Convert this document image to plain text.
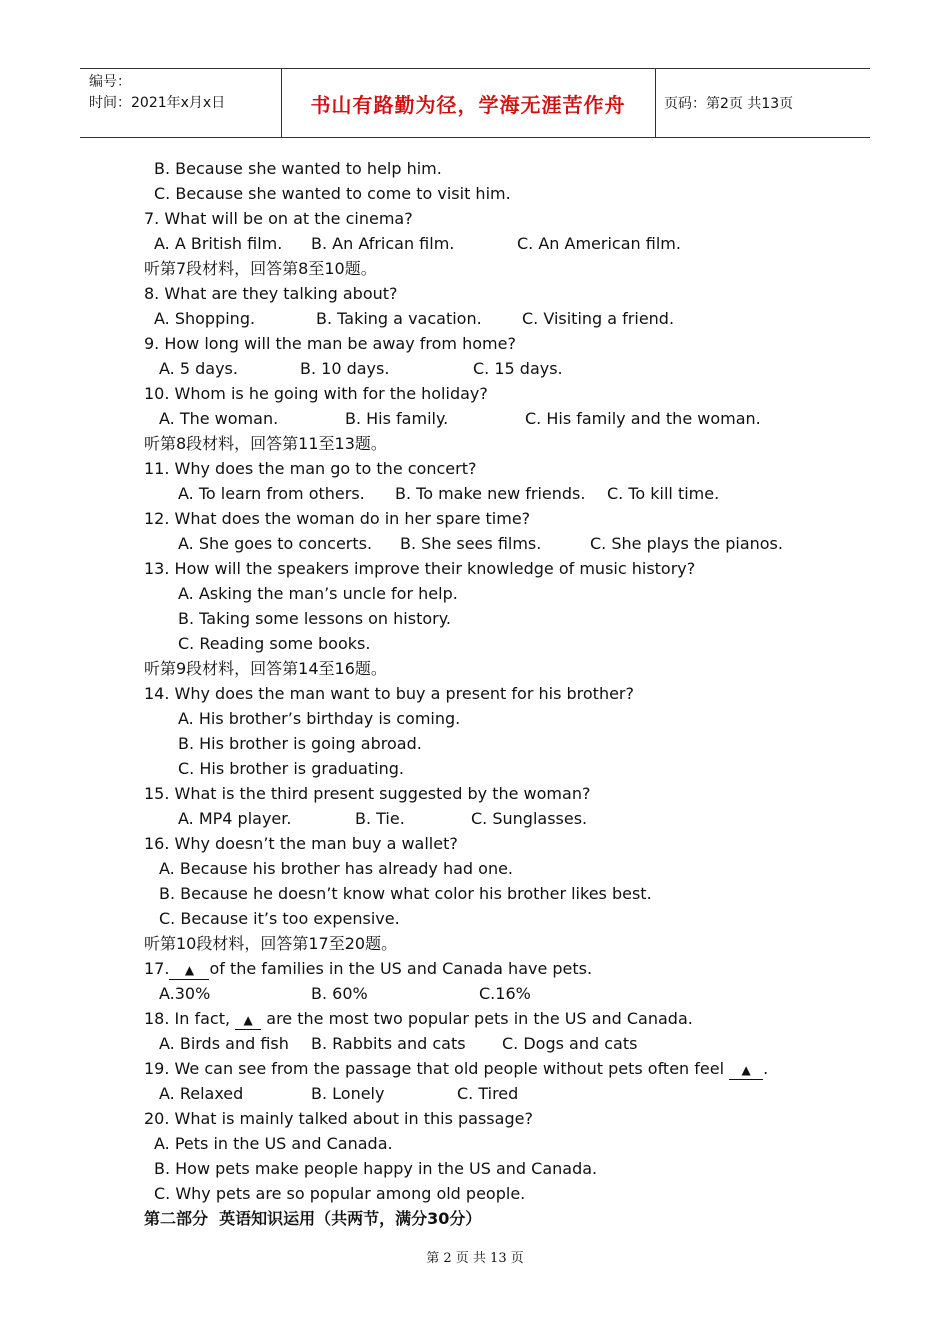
编号：
时间：2021年x月x日	书山有路勤为径，学海无涯苦作舟	页码：第2页 共13页
B. Because she wanted to help him.
C. Because she wanted to come to visit him.
7. What will be on at the cinema?
A. A British film. B. An African film.	C. An American film.
听第7段材料，回答第8至10题。
8. What are they talking about?
A. Shopping.	B. Taking a vacation.	C. Visiting a friend.
9. How long will the man be away from home?
A. 5 days.	B. 10 days.	C. 15 days.
10. Whom is he going with for the holiday?
A. The woman.	B. His family.	C. His family and the woman.
听第8段材料，回答第11至13题。
11. Why does the man go to the concert?
A. To learn from others. B. To make new friends. C. To kill time.
12. What does the woman do in her spare time?
A. She goes to concerts. B. She sees films.	C. She plays the pianos.
13. How will the speakers improve their knowledge of music history?
A. Asking the man’s uncle for help.
B. Taking some lessons on history.
C. Reading some books.
听第9段材料，回答第14至16题。
14. Why does the man want to buy a present for his brother?
A. His brother’s birthday is coming.
B. His brother is going abroad.
C. His brother is graduating.
15. What is the third present suggested by the woman?
A. MP4 player.	B. Tie.	C. Sunglasses.
16. Why doesn’t the man buy a wallet?
A. Because his brother has already had one.
B. Because he doesn’t know what color his brother likes best.
C. Because it’s too expensive.
听第10段材料，回答第17至20题。
17. ▲ of the families in the US and Canada have pets.
A.30%	B. 60%	C.16%
18. In fact, ▲ are the most two popular pets in the US and Canada.
A. Birds and fish B. Rabbits and cats C. Dogs and cats
19. We can see from the passage that old people without pets often feel ▲ .
A. Relaxed	B. Lonely	C. Tired
20. What is mainly talked about in this passage?
A. Pets in the US and Canada.
B. How pets make people happy in the US and Canada.
C. Why pets are so popular among old people.
第二部分  英语知识运用（共两节，满分30分）
第 2 页 共 13 页
